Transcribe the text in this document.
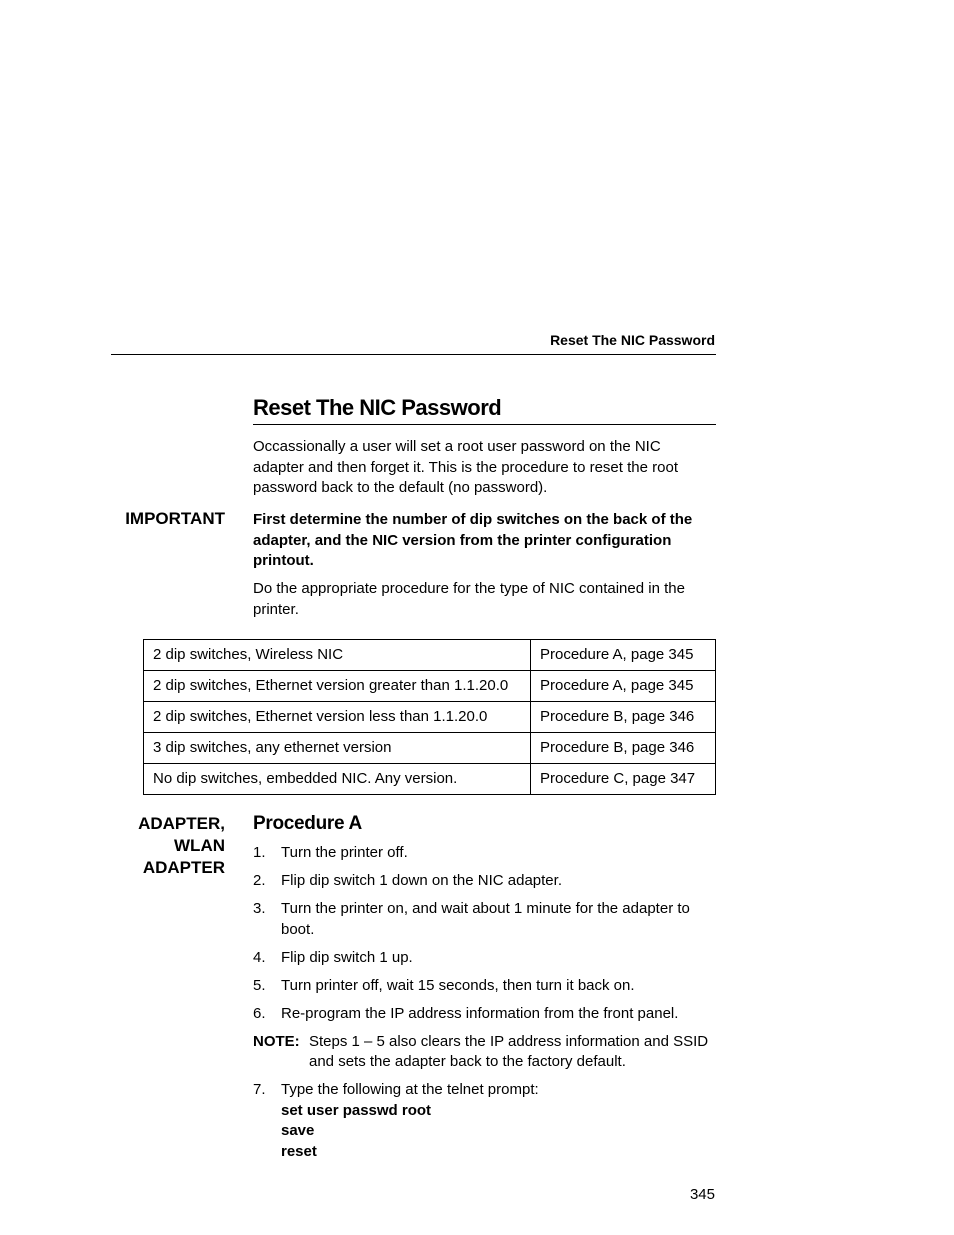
Reset The NIC Password
Reset The NIC Password

Occassionally a user will set a root user password on the NIC adapter and then forget it. This is the procedure to reset the root password back to the default (no password).

IMPORTANT First determine the number of dip switches on the back of the adapter, and the NIC version from the printer configuration printout.

Do the appropriate procedure for the type of NIC contained in the printer.

2 dip switches, Wireless NIC	Procedure A, page 345
2 dip switches, Ethernet version greater than 1.1.20.0	Procedure A, page 345
2 dip switches, Ethernet version less than 1.1.20.0	Procedure B, page 346
3 dip switches, any ethernet version	Procedure B, page 346
No dip switches, embedded NIC. Any version.	Procedure C, page 347
ADAPTER,
WLAN
ADAPTER
Procedure A
1. Turn the printer off.
2. Flip dip switch 1 down on the NIC adapter.
3. Turn the printer on, and wait about 1 minute for the adapter to boot.
4. Flip dip switch 1 up.
5. Turn printer off, wait 15 seconds, then turn it back on.
6. Re-program the IP address information from the front panel.
NOTE: Steps 1 – 5 also clears the IP address information and SSID and sets the adapter back to the factory default.
7. Type the following at the telnet prompt:
set user passwd root
save
reset
345
